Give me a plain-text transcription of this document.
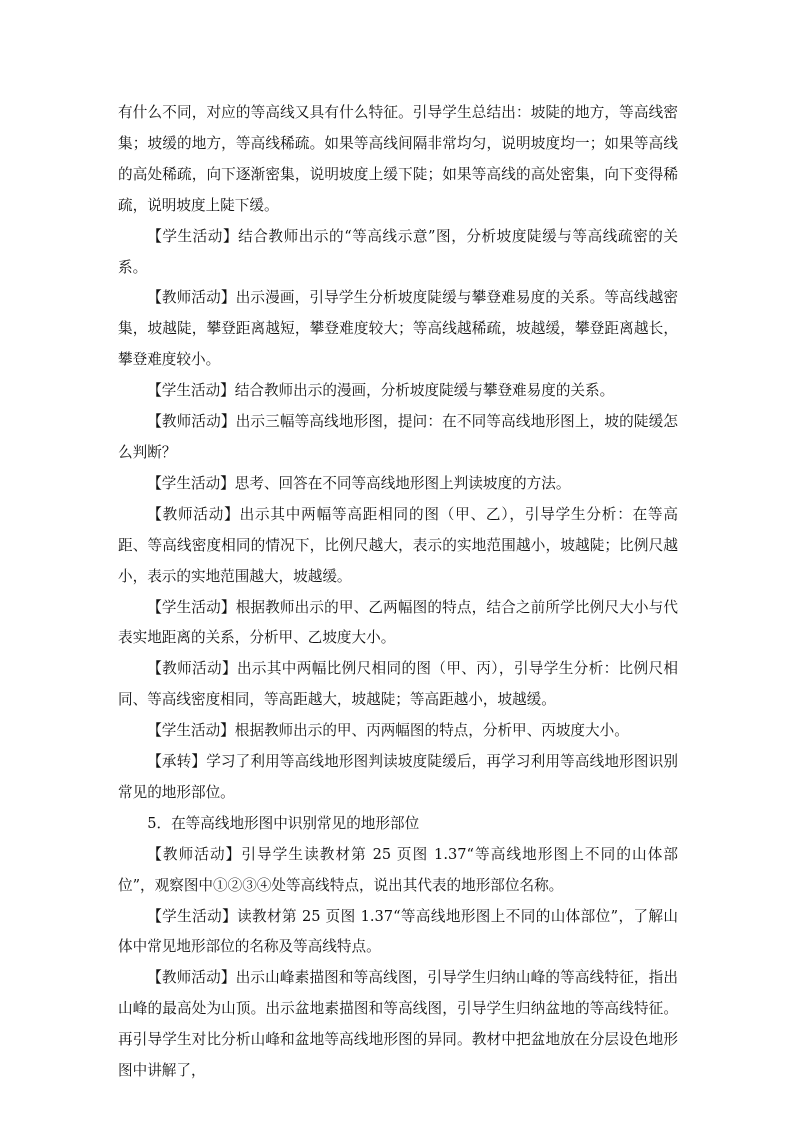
有什么不同，对应的等高线又具有什么特征。引导学生总结出：坡陡的地方，等高线密集；坡缓的地方，等高线稀疏。如果等高线间隔非常均匀，说明坡度均一；如果等高线的高处稀疏，向下逐渐密集，说明坡度上缓下陡；如果等高线的高处密集，向下变得稀疏，说明坡度上陡下缓。

【学生活动】结合教师出示的“等高线示意”图，分析坡度陡缓与等高线疏密的关系。

【教师活动】出示漫画，引导学生分析坡度陡缓与攀登难易度的关系。等高线越密集，坡越陡，攀登距离越短，攀登难度较大；等高线越稀疏，坡越缓，攀登距离越长，攀登难度较小。

【学生活动】结合教师出示的漫画，分析坡度陡缓与攀登难易度的关系。

【教师活动】出示三幅等高线地形图，提问：在不同等高线地形图上，坡的陡缓怎么判断？

【学生活动】思考、回答在不同等高线地形图上判读坡度的方法。

【教师活动】出示其中两幅等高距相同的图（甲、乙），引导学生分析：在等高距、等高线密度相同的情况下，比例尺越大，表示的实地范围越小，坡越陡；比例尺越小，表示的实地范围越大，坡越缓。

【学生活动】根据教师出示的甲、乙两幅图的特点，结合之前所学比例尺大小与代表实地距离的关系，分析甲、乙坡度大小。

【教师活动】出示其中两幅比例尺相同的图（甲、丙），引导学生分析：比例尺相同、等高线密度相同，等高距越大，坡越陡；等高距越小，坡越缓。

【学生活动】根据教师出示的甲、丙两幅图的特点，分析甲、丙坡度大小。

【承转】学习了利用等高线地形图判读坡度陡缓后，再学习利用等高线地形图识别常见的地形部位。

5．在等高线地形图中识别常见的地形部位

【教师活动】引导学生读教材第 25 页图 1.37“等高线地形图上不同的山体部位”，观察图中①②③④处等高线特点，说出其代表的地形部位名称。

【学生活动】读教材第 25 页图 1.37“等高线地形图上不同的山体部位”，了解山体中常见地形部位的名称及等高线特点。

【教师活动】出示山峰素描图和等高线图，引导学生归纳山峰的等高线特征，指出山峰的最高处为山顶。出示盆地素描图和等高线图，引导学生归纳盆地的等高线特征。再引导学生对比分析山峰和盆地等高线地形图的异同。教材中把盆地放在分层设色地形图中讲解了，
